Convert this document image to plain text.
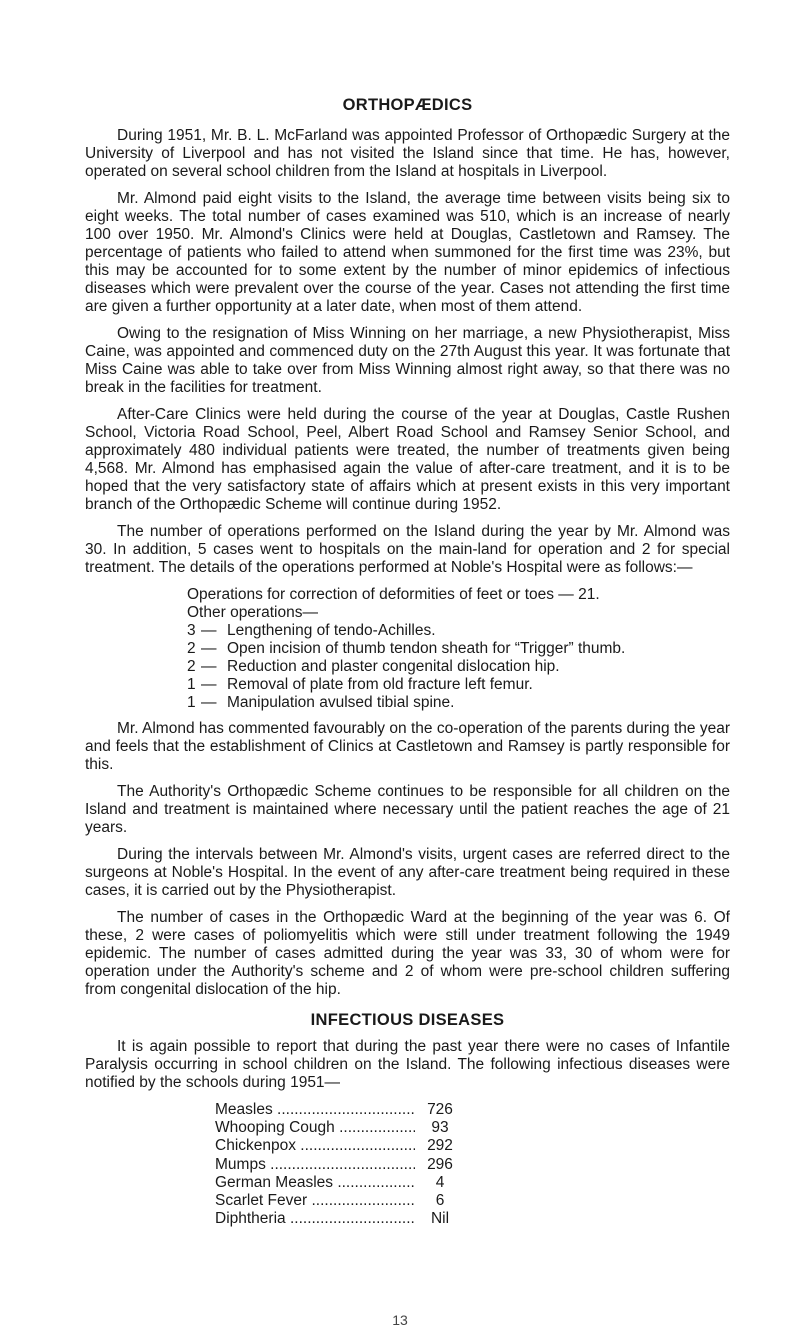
ORTHOPÆDICS

During 1951, Mr. B. L. McFarland was appointed Professor of Orthopædic Surgery at the University of Liverpool and has not visited the Island since that time. He has, however, operated on several school children from the Island at hospitals in Liverpool.

Mr. Almond paid eight visits to the Island, the average time between visits being six to eight weeks. The total number of cases examined was 510, which is an increase of nearly 100 over 1950. Mr. Almond's Clinics were held at Douglas, Castletown and Ramsey. The percentage of patients who failed to attend when summoned for the first time was 23%, but this may be accounted for to some extent by the number of minor epidemics of infectious diseases which were prevalent over the course of the year. Cases not attending the first time are given a further opportunity at a later date, when most of them attend.

Owing to the resignation of Miss Winning on her marriage, a new Physiotherapist, Miss Caine, was appointed and commenced duty on the 27th August this year. It was fortunate that Miss Caine was able to take over from Miss Winning almost right away, so that there was no break in the facilities for treatment.

After-Care Clinics were held during the course of the year at Douglas, Castle Rushen School, Victoria Road School, Peel, Albert Road School and Ramsey Senior School, and approximately 480 individual patients were treated, the number of treatments given being 4,568. Mr. Almond has emphasised again the value of after-care treatment, and it is to be hoped that the very satisfactory state of affairs which at present exists in this very important branch of the Orthopædic Scheme will continue during 1952.

The number of operations performed on the Island during the year by Mr. Almond was 30. In addition, 5 cases went to hospitals on the main-land for operation and 2 for special treatment. The details of the operations performed at Noble's Hospital were as follows:—

Operations for correction of deformities of feet or toes — 21.
Other operations—
3 — Lengthening of tendo-Achilles.
2 — Open incision of thumb tendon sheath for “Trigger” thumb.
2 — Reduction and plaster congenital dislocation hip.
1 — Removal of plate from old fracture left femur.
1 — Manipulation avulsed tibial spine.

Mr. Almond has commented favourably on the co-operation of the parents during the year and feels that the establishment of Clinics at Castletown and Ramsey is partly responsible for this.

The Authority's Orthopædic Scheme continues to be responsible for all children on the Island and treatment is maintained where necessary until the patient reaches the age of 21 years.

During the intervals between Mr. Almond's visits, urgent cases are referred direct to the surgeons at Noble's Hospital. In the event of any after-care treatment being required in these cases, it is carried out by the Physiotherapist.

The number of cases in the Orthopædic Ward at the beginning of the year was 6. Of these, 2 were cases of poliomyelitis which were still under treatment following the 1949 epidemic. The number of cases admitted during the year was 33, 30 of whom were for operation under the Authority's scheme and 2 of whom were pre-school children suffering from congenital dislocation of the hip.

INFECTIOUS DISEASES

It is again possible to report that during the past year there were no cases of Infantile Paralysis occurring in school children on the Island. The following infectious diseases were notified by the schools during 1951—

Measles .....	726
Whooping Cough .....	93
Chickenpox .....	292
Mumps .....	296
German Measles .....	4
Scarlet Fever .....	6
Diphtheria .....	Nil
13
